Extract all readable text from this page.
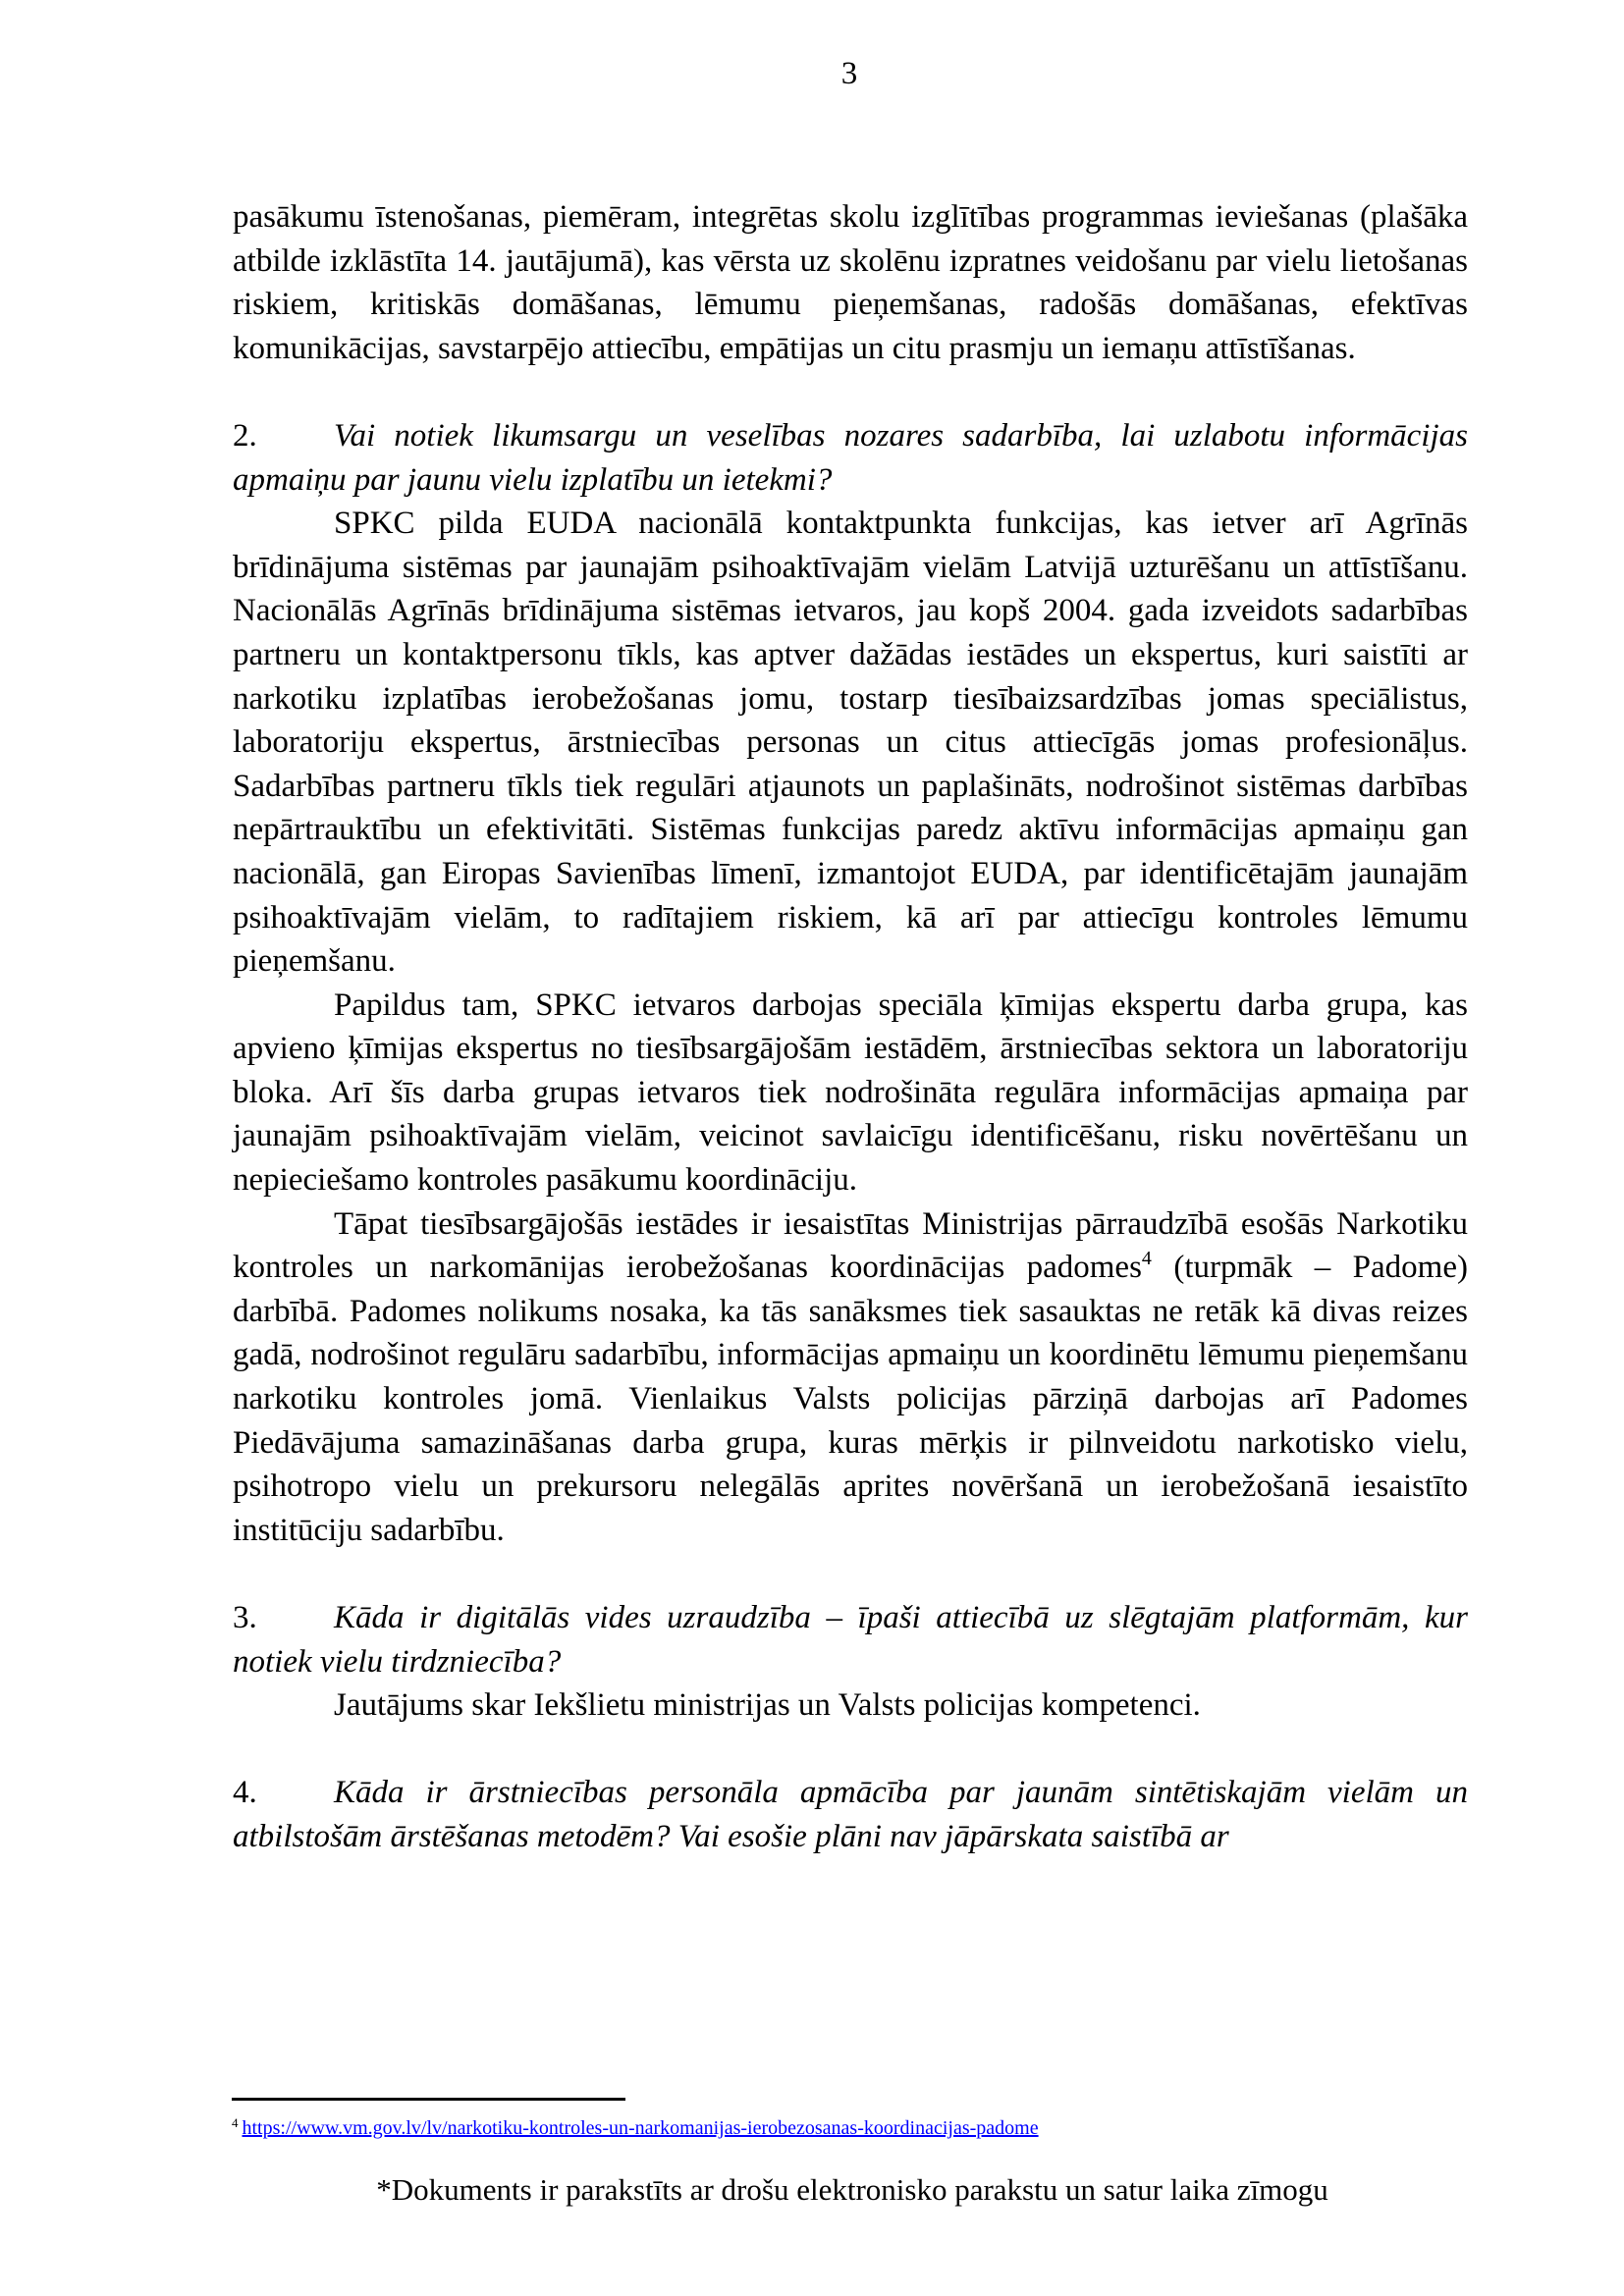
3

pasākumu īstenošanas, piemēram, integrētas skolu izglītības programmas ieviešanas (plašāka atbilde izklāstīta 14. jautājumā), kas vērsta uz skolēnu izpratnes veidošanu par vielu lietošanas riskiem, kritiskās domāšanas, lēmumu pieņemšanas, radošās domāšanas, efektīvas komunikācijas, savstarpējo attiecību, empātijas un citu prasmju un iemaņu attīstīšanas.

2. Vai notiek likumsargu un veselības nozares sadarbība, lai uzlabotu informācijas apmaiņu par jaunu vielu izplatību un ietekmi?

SPKC pilda EUDA nacionālā kontaktpunkta funkcijas, kas ietver arī Agrīnās brīdinājuma sistēmas par jaunajām psihoaktīvajām vielām Latvijā uzturēšanu un attīstīšanu. Nacionālās Agrīnās brīdinājuma sistēmas ietvaros, jau kopš 2004. gada izveidots sadarbības partneru un kontaktpersonu tīkls, kas aptver dažādas iestādes un ekspertus, kuri saistīti ar narkotiku izplatības ierobežošanas jomu, tostarp tiesībaizsardzības jomas speciālistus, laboratoriju ekspertus, ārstniecības personas un citus attiecīgās jomas profesionāļus. Sadarbības partneru tīkls tiek regulāri atjaunots un paplašināts, nodrošinot sistēmas darbības nepārtrauktību un efektivitāti. Sistēmas funkcijas paredz aktīvu informācijas apmaiņu gan nacionālā, gan Eiropas Savienības līmenī, izmantojot EUDA, par identificētajām jaunajām psihoaktīvajām vielām, to radītajiem riskiem, kā arī par attiecīgu kontroles lēmumu pieņemšanu.

Papildus tam, SPKC ietvaros darbojas speciāla ķīmijas ekspertu darba grupa, kas apvieno ķīmijas ekspertus no tiesībsargājošām iestādēm, ārstniecības sektora un laboratoriju bloka. Arī šīs darba grupas ietvaros tiek nodrošināta regulāra informācijas apmaiņa par jaunajām psihoaktīvajām vielām, veicinot savlaicīgu identificēšanu, risku novērtēšanu un nepieciešamo kontroles pasākumu koordināciju.

Tāpat tiesībsargājošās iestādes ir iesaistītas Ministrijas pārraudzībā esošās Narkotiku kontroles un narkomānijas ierobežošanas koordinācijas padomes$^4$ (turpmāk – Padome) darbībā. Padomes nolikums nosaka, ka tās sanāksmes tiek sasauktas ne retāk kā divas reizes gadā, nodrošinot regulāru sadarbību, informācijas apmaiņu un koordinētu lēmumu pieņemšanu narkotiku kontroles jomā. Vienlaikus Valsts policijas pārziņā darbojas arī Padomes Piedāvājuma samazināšanas darba grupa, kuras mērķis ir pilnveidotu narkotisko vielu, psihotropo vielu un prekursoru nelegālās aprites novēršanā un ierobežošanā iesaistīto institūciju sadarbību.

3. Kāda ir digitālās vides uzraudzība – īpaši attiecībā uz slēgtajām platformām, kur notiek vielu tirdzniecība?

Jautājums skar Iekšlietu ministrijas un Valsts policijas kompetenci.

4. Kāda ir ārstniecības personāla apmācība par jaunām sintētiskajām vielām un atbilstošām ārstēšanas metodēm? Vai esošie plāni nav jāpārskata saistībā ar

$^4$ https://www.vm.gov.lv/lv/narkotiku-kontroles-un-narkomanijas-ierobezosanas-koordinacijas-padome
*Dokuments ir parakstīts ar drošu elektronisko parakstu un satur laika zīmogu
